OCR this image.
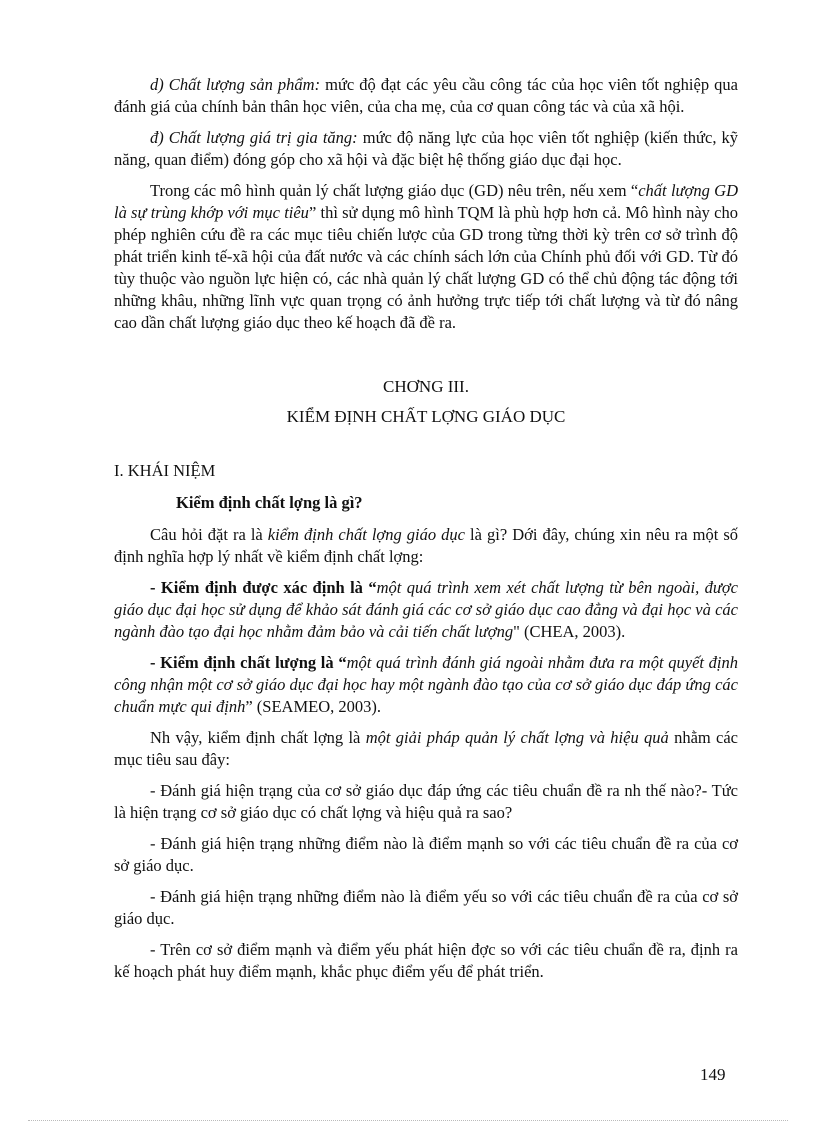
d) Chất lượng sản phẩm: mức độ đạt các yêu cầu công tác của học viên tốt nghiệp qua đánh giá của chính bản thân học viên, của cha mẹ, của cơ quan công tác và của xã hội.

đ) Chất lượng giá trị gia tăng: mức độ năng lực của học viên tốt nghiệp (kiến thức, kỹ năng, quan điểm) đóng góp cho xã hội và đặc biệt hệ thống giáo dục đại học.

Trong các mô hình quản lý chất lượng giáo dục (GD) nêu trên, nếu xem “chất lượng GD là sự trùng khớp với mục tiêu” thì sử dụng mô hình TQM là phù hợp hơn cả. Mô hình này cho phép nghiên cứu đề ra các mục tiêu chiến lược của GD trong từng thời kỳ trên cơ sở trình độ phát triển kinh tế-xã hội của đất nước và các chính sách lớn của Chính phủ đối với GD. Từ đó tùy thuộc vào nguồn lực hiện có, các nhà quản lý chất lượng GD có thể chủ động tác động tới những khâu, những lĩnh vực quan trọng có ảnh hưởng trực tiếp tới chất lượng và từ đó nâng cao dần chất lượng giáo dục theo kế hoạch đã đề ra.

CHƠNG III.
KIỂM ĐỊNH CHẤT LỢNG GIÁO DỤC

I. KHÁI NIỆM

Kiểm định chất lợng là gì?

Câu hỏi đặt ra là kiểm định chất lợng giáo dục là gì? Dới đây, chúng xin nêu ra một số định nghĩa hợp lý nhất về kiểm định chất lợng:

- Kiểm định được xác định là “một quá trình xem xét chất lượng từ bên ngoài, được giáo dục đại học sử dụng để khảo sát đánh giá các cơ sở giáo dục cao đẳng và đại học và các ngành đào tạo đại học nhằm đảm bảo và cải tiến chất lượng" (CHEA, 2003).

- Kiểm định chất lượng là “một quá trình đánh giá ngoài nhằm đưa ra một quyết định công nhận một cơ sở giáo dục đại học hay một ngành đào tạo của cơ sở giáo dục đáp ứng các chuẩn mực qui định” (SEAMEO, 2003).

Nh vậy, kiểm định chất lợng là một giải pháp quản lý chất lợng và hiệu quả nhằm các mục tiêu sau đây:

- Đánh giá hiện trạng của cơ sở giáo dục đáp ứng các tiêu chuẩn đề ra nh thế nào?- Tức là hiện trạng cơ sở giáo dục có chất lợng và hiệu quả ra sao?

- Đánh giá hiện trạng những điểm nào là điểm mạnh so với các tiêu chuẩn đề ra của cơ sở giáo dục.

- Đánh giá hiện trạng những điểm nào là điểm yếu so với các tiêu chuẩn đề ra của cơ sở giáo dục.

- Trên cơ sở điểm mạnh và điểm yếu phát hiện đợc so với các tiêu chuẩn đề ra, định ra kế hoạch phát huy điểm mạnh, khắc phục điểm yếu để phát triển.

149
